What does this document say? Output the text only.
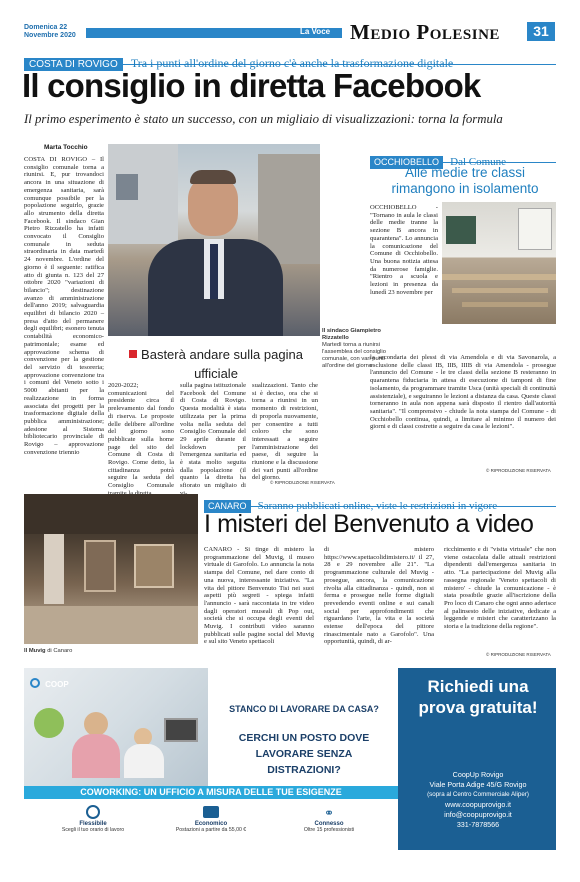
Domenica 22
Novembre 2020	La Voce Medio Polesine	31
COSTA DI ROVIGO Tra i punti all'ordine del giorno c'è anche la trasformazione digitale
Il consiglio in diretta Facebook
Il primo esperimento è stato un successo, con un migliaio di visualizzazioni: torna la formula
Marta Tocchio
COSTA DI ROVIGO – Il consiglio comunale torna a riunirsi. E, pur trovandoci ancora in una situazione di emergenza sanitaria, sarà comunque possibile per la popolazione seguirlo, grazie allo strumento della diretta Facebook. Il sindaco Gian Pietro Rizzatello ha infatti convocato il Consiglio comunale in seduta straordinaria in data martedì 24 novembre. L'ordine del giorno è il seguente: ratifica atto di giunta n. 123 del 27 ottobre 2020 "variazioni di bilancio"; destinazione avanzo di amministrazione dell'anno 2019; salvaguardia equilibri di bilancio 2020 – presa d'atto del permanere degli equilibri; esonero tenuta contabilità economico-patrimoniale; esame ed approvazione schema di convenzione per la gestione del servizio di tesoreria; approvazione convenzione tra i comuni del Veneto sotto i 5000 abitanti per la realizzazione in forma associata dei progetti per la trasformazione digitale della pubblica amministrazione; adesione al Sistema bibliotecario provinciale di Rovigo – approvazione convenzione triennio
Il sindaco Giampietro Rizzatello
Martedì torna a riunirsi l'assemblea del consiglio comunale, con vari punti all'ordine del giorno
Basterà andare sulla pagina ufficiale
2020-2022; comunicazioni del presidente circa il prelevamento dal fondo di riserva. Le proposte delle delibere all'ordine del giorno sono pubblicate sulla home page del sito del Comune di Costa di Rovigo. Come detto, la cittadinanza potrà seguire la seduta del Consiglio Comunale
sulla pagina istituzionale Facebook del Comune di Costa di Rovigo. Questa modalità è stata utilizzata per la prima volta nella seduta del Consiglio Comunale del 29 aprile durante il lockdown per l'emergenza sanitaria ed è stata molto seguita dalla popolazione (il quanto la diretta ha sfiorato un migliaio di
sualizzazioni. Tanto che si è deciso, ora che si torna a riunirsi in un momento di restrizioni, di proporla nuovamente, per consentire a tutti coloro che sono interessati a seguire l'amministrazione dei paese, di seguire la riunione e la discussione dei vari punti all'ordine del giorno.
© RIPRODUZIONE RISERVATA
OCCHIOBELLO Dal Comune
Alle medie tre classi rimangono in isolamento
OCCHIOBELLO - "Tornano in aula le classi delle medie tranne la sezione B ancora in quarantena". Lo annuncia la comunicazione del Comune di Occhiobello. Una buona notizia attesa da numerose famiglie. "Rientro a scuola e lezioni in presenza da lunedì 23 novembre per
la secondaria dei plessi di via Amendola e di via Savonarola, a esclusione delle classi IB, IIB, IIIB di via Amendola - prosegue l'annuncio del Comune - le tre classi della sezione B resteranno in quarantena fiduciaria in attesa di esecuzione di tamponi di fine isolamento, da programmare tramite Usca (unità speciali di continuità assistenziale), e seguiranno le lezioni a distanza da casa. Queste classi torneranno in aula non appena sarà disposto il rientro dall'autorità sanitaria". "Il comprensivo - chiude la nota stampa del Comune - di Occhiobello continua, quindi, a limitare al minimo il numero dei giorni e di classi costrette a seguire da casa le lezioni".
© RIPRODUZIONE RISERVATA
Il Muvig di Canaro
CANARO Saranno pubblicati online, viste le restrizioni in vigore
I misteri del Benvenuto a video
CANARO - Si tinge di mistero la programmazione del Muvig, il museo virtuale di Garofolo. Lo annuncia la nota stampa del Comune, nel dare conto di una nuova, interessante iniziativa. "La vita del pittore Benvenuto Tisi nei suoi aspetti più segreti - spiega infatti l'annuncio - sarà raccontata in tre video dagli operatori museali di Pop out, società che si occupa degli eventi del Muvig. I contributi video saranno pubblicati sulle pagine social del Muvig e sul sito Veneto spettacoli
di mistero https://www.spettacolidimistero.it/ il 27, 28 e 29 novembre alle 21". "La programmazione culturale del Muvig - prosegue, ancora, la comunicazione rivolta alla cittadinanza - quindi, non si ferma e prosegue nelle forme digitali prevedendo eventi online e sui canali social per approfondimenti che riguardano l'arte, la vita e la società estense dell'epoca del pittore rinascimentale nato a Garofolo". Una opportunità, quindi, di ar-
ricchimento e di "visita virtuale" che non viene ostacolata dalle attuali restrizioni dipendenti dall'emergenza sanitaria in atto. "La partecipazione del Muvig alla rassegna regionale 'Veneto spettacoli di mistero' - chiude la comunicazione - è stata possibile grazie all'iscrizione della Pro loco di Canaro che ogni anno aderisce al palinsesto delle iniziative, dedicate a leggende e misteri che caratterizzano la storia e la tradizione della regione".
© RIPRODUZIONE RISERVATA
COOP
STANCO DI LAVORARE DA CASA?
CERCHI UN POSTO DOVE LAVORARE SENZA DISTRAZIONI?
COWORKING: UN UFFICIO A MISURA DELLE TUE ESIGENZE
Flessibile
Scegli il tuo orario di lavoro
Economico
Postazioni a partire da 55,00 €
⚭
Connesso
Oltre 15 professionisti
Richiedi una prova gratuita!
CoopUp Rovigo
Viale Porta Adige 45/G Rovigo
(sopra al Centro Commerciale Aliper)
www.coopuprovigo.it
info@coopuprovigo.it
331-7878566
